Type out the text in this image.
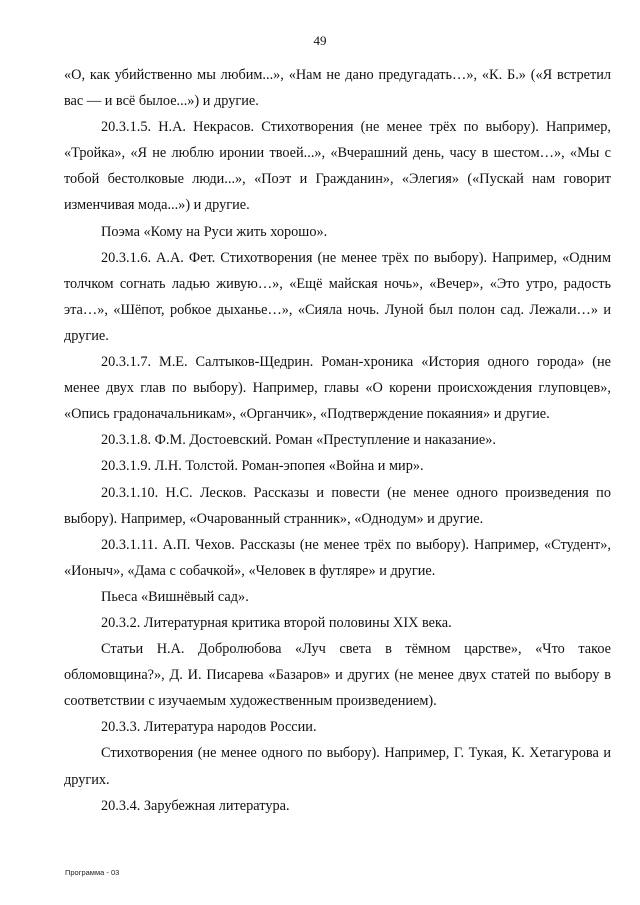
49

«О, как убийственно мы любим...», «Нам не дано предугадать…», «К. Б.» («Я встретил вас — и всё былое...») и другие.

20.3.1.5. Н.А. Некрасов. Стихотворения (не менее трёх по выбору). Например, «Тройка», «Я не люблю иронии твоей...», «Вчерашний день, часу в шестом…», «Мы с тобой бестолковые люди...», «Поэт и Гражданин», «Элегия» («Пускай нам говорит изменчивая мода...») и другие.

Поэма «Кому на Руси жить хорошо».

20.3.1.6. А.А. Фет. Стихотворения (не менее трёх по выбору). Например, «Одним толчком согнать ладью живую…», «Ещё майская ночь», «Вечер», «Это утро, радость эта…», «Шёпот, робкое дыханье…», «Сияла ночь. Луной был полон сад. Лежали…» и другие.

20.3.1.7. М.Е. Салтыков-Щедрин. Роман-хроника «История одного города» (не менее двух глав по выбору). Например, главы «О корени происхождения глуповцев», «Опись градоначальникам», «Органчик», «Подтверждение покаяния» и другие.

20.3.1.8. Ф.М. Достоевский. Роман «Преступление и наказание».

20.3.1.9. Л.Н. Толстой. Роман-эпопея «Война и мир».

20.3.1.10. Н.С. Лесков. Рассказы и повести (не менее одного произведения по выбору). Например, «Очарованный странник», «Однодум» и другие.

20.3.1.11. А.П. Чехов. Рассказы (не менее трёх по выбору). Например, «Студент», «Ионыч», «Дама с собачкой», «Человек в футляре» и другие.

Пьеса «Вишнёвый сад».

20.3.2. Литературная критика второй половины XIX века.

Статьи Н.А. Добролюбова «Луч света в тёмном царстве», «Что такое обломовщина?», Д. И. Писарева «Базаров» и других (не менее двух статей по выбору в соответствии с изучаемым художественным произведением).

20.3.3. Литература народов России.

Стихотворения (не менее одного по выбору). Например, Г. Тукая, К. Хетагурова и других.

20.3.4. Зарубежная литература.

Программа - 03
